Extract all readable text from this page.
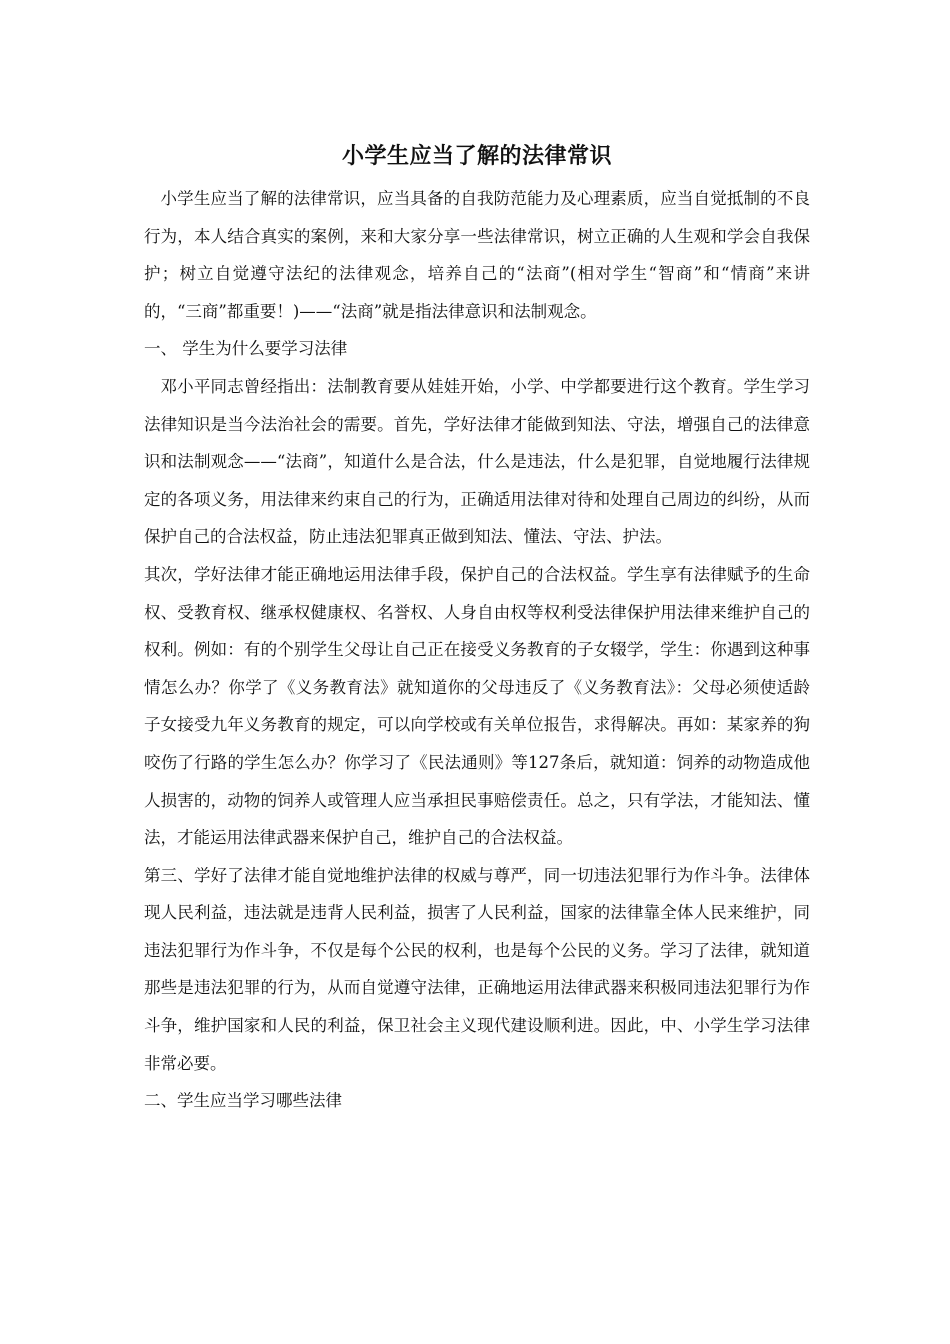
小学生应当了解的法律常识

小学生应当了解的法律常识，应当具备的自我防范能力及心理素质，应当自觉抵制的不良行为，本人结合真实的案例，来和大家分享一些法律常识，树立正确的人生观和学会自我保护；树立自觉遵守法纪的法律观念，培养自己的“法商”(相对学生“智商”和“情商”来讲的，“三商”都重要！)——“法商”就是指法律意识和法制观念。

一、 学生为什么要学习法律

邓小平同志曾经指出：法制教育要从娃娃开始，小学、中学都要进行这个教育。学生学习法律知识是当今法治社会的需要。首先，学好法律才能做到知法、守法，增强自己的法律意识和法制观念——“法商”，知道什么是合法，什么是违法，什么是犯罪，自觉地履行法律规定的各项义务，用法律来约束自己的行为，正确适用法律对待和处理自己周边的纠纷，从而保护自己的合法权益，防止违法犯罪真正做到知法、懂法、守法、护法。

其次，学好法律才能正确地运用法律手段，保护自己的合法权益。学生享有法律赋予的生命权、受教育权、继承权健康权、名誉权、人身自由权等权利受法律保护用法律来维护自己的权利。例如：有的个别学生父母让自己正在接受义务教育的子女辍学，学生：你遇到这种事情怎么办？你学了《义务教育法》就知道你的父母违反了《义务教育法》：父母必须使适龄子女接受九年义务教育的规定，可以向学校或有关单位报告，求得解决。再如：某家养的狗咬伤了行路的学生怎么办？你学习了《民法通则》等127条后，就知道：饲养的动物造成他人损害的，动物的饲养人或管理人应当承担民事赔偿责任。总之，只有学法，才能知法、懂法，才能运用法律武器来保护自己，维护自己的合法权益。

第三、学好了法律才能自觉地维护法律的权威与尊严，同一切违法犯罪行为作斗争。法律体现人民利益，违法就是违背人民利益，损害了人民利益，国家的法律靠全体人民来维护，同违法犯罪行为作斗争，不仅是每个公民的权利，也是每个公民的义务。学习了法律，就知道那些是违法犯罪的行为，从而自觉遵守法律，正确地运用法律武器来积极同违法犯罪行为作斗争，维护国家和人民的利益，保卫社会主义现代建设顺利进。因此，中、小学生学习法律非常必要。

二、学生应当学习哪些法律
